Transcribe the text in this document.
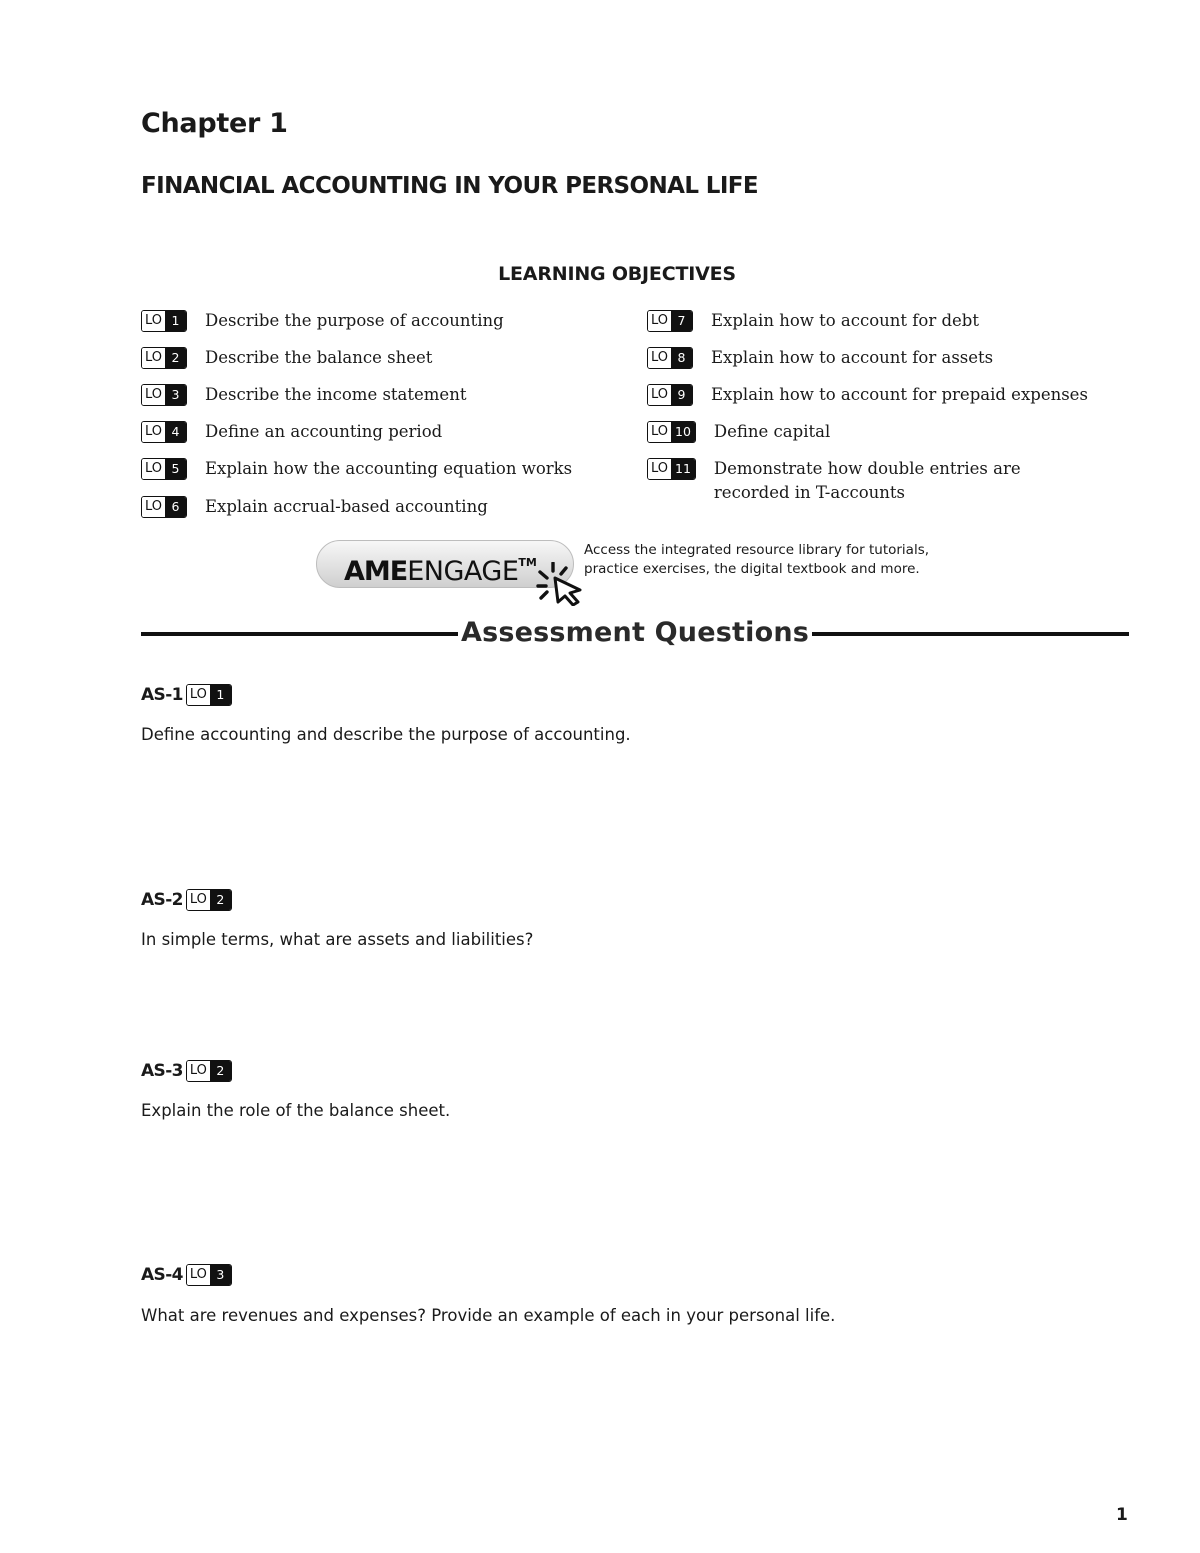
Chapter 1
FINANCIAL ACCOUNTING IN YOUR PERSONAL LIFE
LEARNING OBJECTIVES
LO 1	Describe the purpose of accounting
LO 2	Describe the balance sheet
LO 3	Describe the income statement
LO 4	Define an accounting period
LO 5	Explain how the accounting equation works
LO 6	Explain accrual-based accounting
LO 7	Explain how to account for debt
LO 8	Explain how to account for assets
LO 9	Explain how to account for prepaid expenses
LO 10 Define capital
LO 11 Demonstrate how double entries are recorded in T-accounts
AMEENGAGE™
Access the integrated resource library for tutorials,
practice exercises, the digital textbook and more.
Assessment Questions
AS-1 LO 1
Define accounting and describe the purpose of accounting.
AS-2 LO 2
In simple terms, what are assets and liabilities?
AS-3 LO 2
Explain the role of the balance sheet.
AS-4 LO 3
What are revenues and expenses? Provide an example of each in your personal life.
1
